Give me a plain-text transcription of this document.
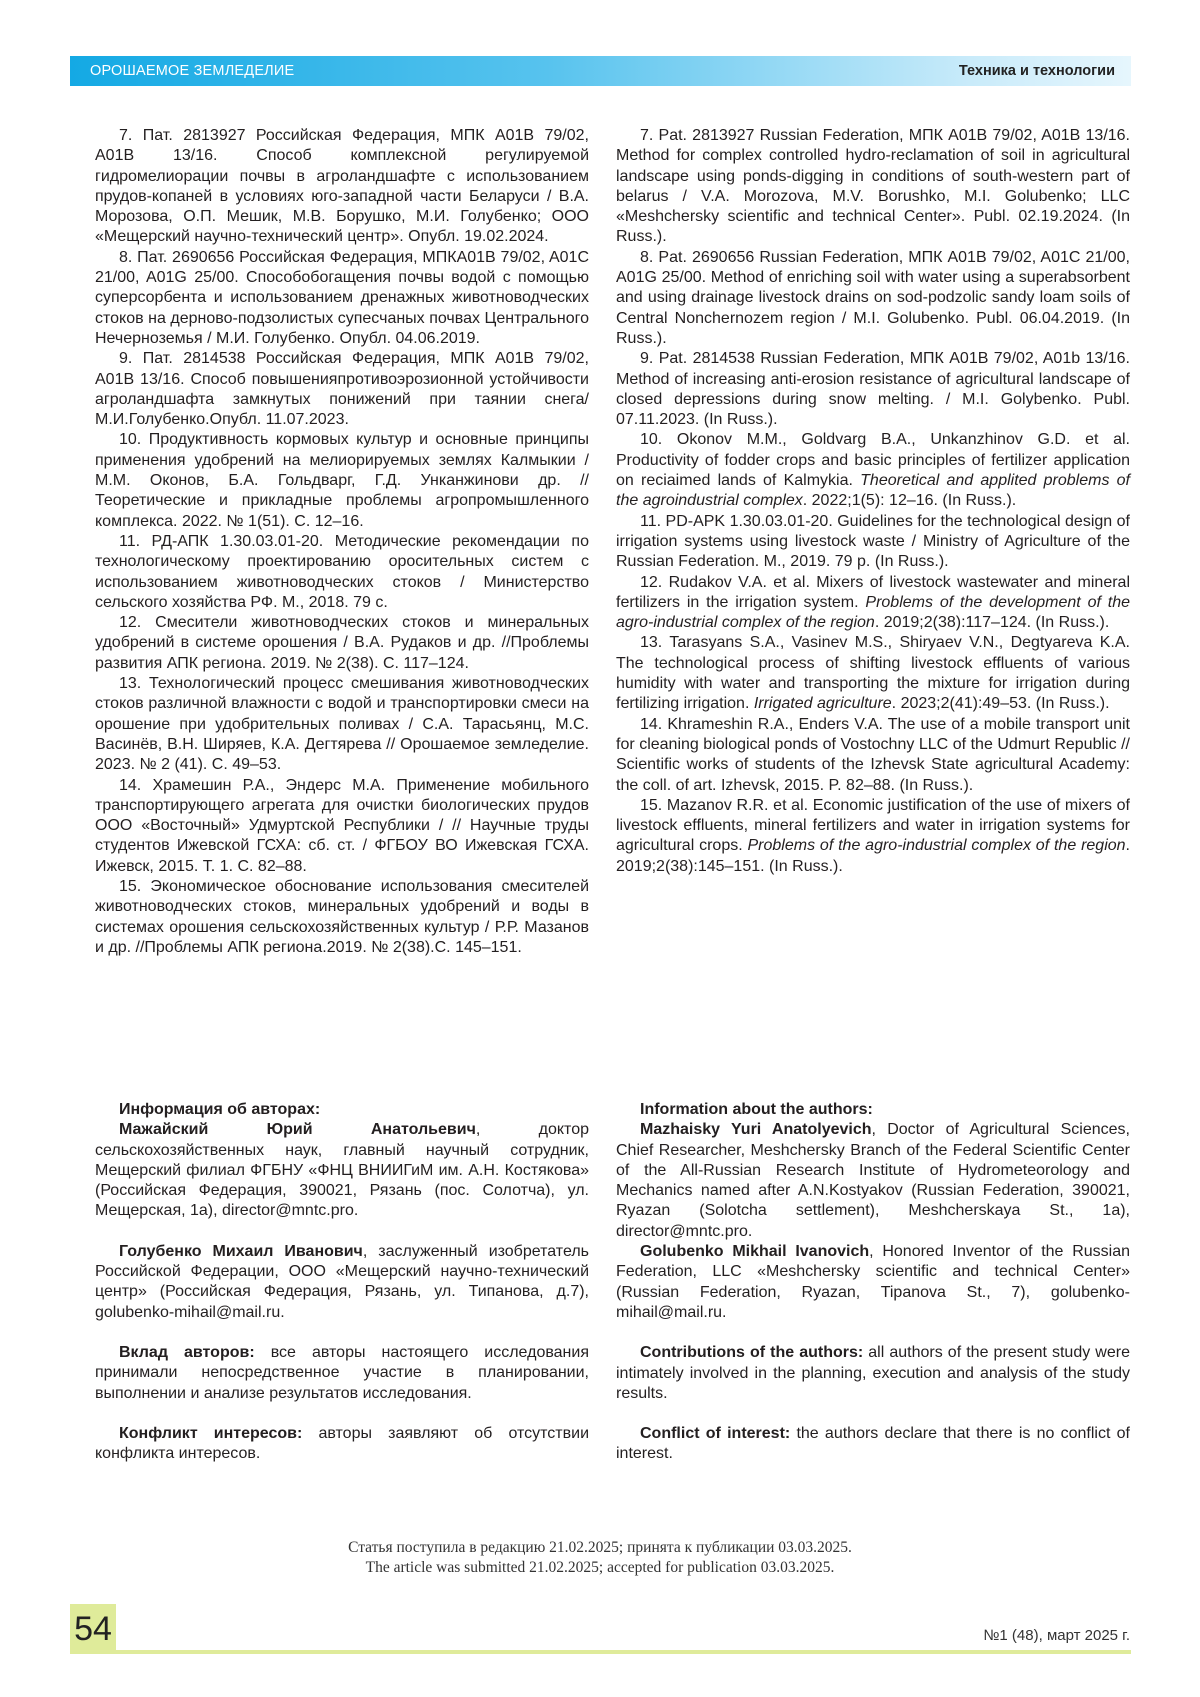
ОРОШАЕМОЕ ЗЕМЛЕДЕЛИЕ	Техника и технологии

7. Пат. 2813927 Российская Федерация, МПК A01B 79/02, A01B 13/16. Способ комплексной регулируемой гидромелиорации почвы в агроландшафте с использованием прудов-копаней в условиях юго-западной части Беларуси / В.А. Морозова, О.П. Мешик, М.В. Борушко, М.И. Голубенко; ООО «Мещерский научно-технический центр». Опубл. 19.02.2024.

8. Пат. 2690656 Российская Федерация, МПКA01B 79/02, A01C 21/00, A01G 25/00. Способобогащения почвы водой с помощью суперсорбента и использованием дренажных животноводческих стоков на дерново-подзолистых супесчаных почвах Центрального Нечерноземья / М.И. Голубенко. Опубл. 04.06.2019.

9. Пат. 2814538 Российская Федерация, МПК A01B 79/02, A01B 13/16. Способ повышенияпротивоэрозионной устойчивости агроландшафта замкнутых понижений при таянии снега/ М.И.Голубенко.Опубл. 11.07.2023.

10. Продуктивность кормовых культур и основные принципы применения удобрений на мелиорируемых землях Калмыкии / М.М. Оконов, Б.А. Гольдварг, Г.Д. Унканжинови др. // Теоретические и прикладные проблемы агропромышленного комплекса. 2022. № 1(51). С. 12–16.

11. РД-АПК 1.30.03.01-20. Методические рекомендации по технологическому проектированию оросительных систем с использованием животноводческих стоков / Министерство сельского хозяйства РФ. М., 2018. 79 с.

12. Смесители животноводческих стоков и минеральных удобрений в системе орошения / В.А. Рудаков и др. //Проблемы развития АПК региона. 2019. № 2(38). С. 117–124.

13. Технологический процесс смешивания животноводческих стоков различной влажности с водой и транспортировки смеси на орошение при удобрительных поливах / С.А. Тарасьянц, М.С. Васинёв, В.Н. Ширяев, К.А. Дегтярева // Орошаемое земледелие. 2023. № 2 (41). С. 49–53.

14. Храмешин Р.А., Эндерс М.А. Применение мобильного транспортирующего агрегата для очистки биологических прудов ООО «Восточный» Удмуртской Республики / // Научные труды студентов Ижевской ГСХА: сб. ст. / ФГБОУ ВО Ижевская ГСХА. Ижевск, 2015. Т. 1. С. 82–88.

15. Экономическое обоснование использования смесителей животноводческих стоков, минеральных удобрений и воды в системах орошения сельскохозяйственных культур / Р.Р. Мазанов и др. //Проблемы АПК региона.2019. № 2(38).С. 145–151.

7. Pat. 2813927 Russian Federation, МПК A01B 79/02, A01B 13/16. Method for complex controlled hydro-reclamation of soil in agricultural landscape using ponds-digging in conditions of south-western part of belarus / V.A. Morozova, M.V. Borushko, M.I. Golubenko; LLC «Meshchersky scientific and technical Center». Publ. 02.19.2024. (In Russ.).

8. Pat. 2690656 Russian Federation, МПК A01B 79/02, A01C 21/00, A01G 25/00. Method of enriching soil with water using a superabsorbent and using drainage livestock drains on sod-podzolic sandy loam soils of Central Nonchernozem region / M.I. Golubenko. Publ. 06.04.2019. (In Russ.).

9. Pat. 2814538 Russian Federation, МПК A01B 79/02, A01b 13/16. Method of increasing anti-erosion resistance of agricultural landscape of closed depressions during snow melting. / M.I. Golybenko. Publ. 07.11.2023. (In Russ.).

10. Okonov M.M., Goldvarg B.A., Unkanzhinov G.D. et al. Productivity of fodder crops and basic principles of fertilizer application on reciaimed lands of Kalmykia. Theoretical and applited problems of the agroindustrial complex. 2022;1(5): 12–16. (In Russ.).

11. PD-APK 1.30.03.01-20. Guidelines for the technological design of irrigation systems using livestock waste / Ministry of Agriculture of the Russian Federation. M., 2019. 79 p. (In Russ.).

12. Rudakov V.A. et al. Mixers of livestock wastewater and mineral fertilizers in the irrigation system. Problems of the development of the agro-industrial complex of the region. 2019;2(38):117–124. (In Russ.).

13. Tarasyans S.A., Vasinev M.S., Shiryaev V.N., Degtyareva K.A. The technological process of shifting livestock effluents of various humidity with water and transporting the mixture for irrigation during fertilizing irrigation. Irrigated agriculture. 2023;2(41):49–53. (In Russ.).

14. Khrameshin R.A., Enders V.A. The use of a mobile transport unit for cleaning biological ponds of Vostochny LLC of the Udmurt Republic // Scientific works of students of the Izhevsk State agricultural Academy: the coll. of art. Izhevsk, 2015. P. 82–88. (In Russ.).

15. Mazanov R.R. et al. Economic justification of the use of mixers of livestock effluents, mineral fertilizers and water in irrigation systems for agricultural crops. Problems of the agro-industrial complex of the region. 2019;2(38):145–151. (In Russ.).

Информация об авторах:

Мажайский Юрий Анатольевич, доктор сельскохозяйственных наук, главный научный сотрудник, Мещерский филиал ФГБНУ «ФНЦ ВНИИГиМ им. А.Н. Костякова» (Российская Федерация, 390021, Рязань (пос. Солотча), ул. Мещерская, 1а), director@mntc.pro.

Голубенко Михаил Иванович, заслуженный изобретатель Российской Федерации, ООО «Мещерский научно-технический центр» (Российская Федерация, Рязань, ул. Типанова, д.7), golubenko-mihail@mail.ru.

Вклад авторов: все авторы настоящего исследования принимали непосредственное участие в планировании, выполнении и анализе результатов исследования.

Конфликт интересов: авторы заявляют об отсутствии конфликта интересов.

Information about the authors:

Mazhaisky Yuri Anatolyevich, Doctor of Agricultural Sciences, Chief Researcher, Meshchersky Branch of the Federal Scientific Center of the All-Russian Research Institute of Hydrometeorology and Mechanics named after A.N.Kostyakov (Russian Federation, 390021, Ryazan (Solotcha settlement), Meshcherskaya St., 1a), director@mntc.pro.

Golubenko Mikhail Ivanovich, Honored Inventor of the Russian Federation, LLC «Meshchersky scientific and technical Center» (Russian Federation, Ryazan, Tipanova St., 7), golubenko-mihail@mail.ru.

Contributions of the authors: all authors of the present study were intimately involved in the planning, execution and analysis of the study results.

Conflict of interest: the authors declare that there is no conflict of interest.

Статья поступила в редакцию 21.02.2025; принята к публикации 03.03.2025.
The article was submitted 21.02.2025; accepted for publication 03.03.2025.
54	№1 (48), март 2025 г.
